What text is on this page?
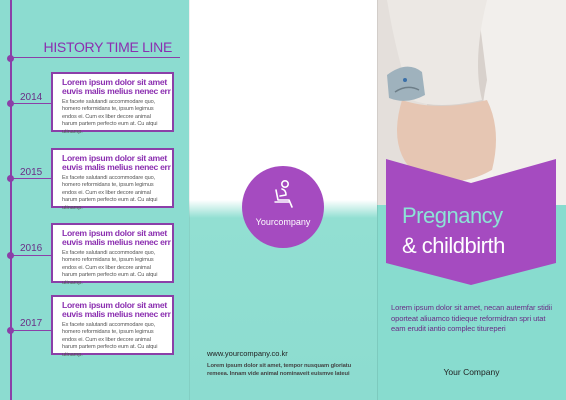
HISTORY TIME LINE
2014
Lorem ipsum dolor sit amet
euvis malis melius nenec err
Ex facete salutandi accommodare quo, homero reformidans te, ipsum legimus endos ei. Cum ex liber decore animal harum partem perfecto eum at. Cu atqui utinamp.
2015
Lorem ipsum dolor sit amet
euvis malis melius nenec err
Ex facete salutandi accommodare quo, homero reformidans te, ipsum legimus endos ei. Cum ex liber decore animal harum partem perfecto eum at. Cu atqui utinamp.
2016
Lorem ipsum dolor sit amet
euvis malis melius nenec err
Ex facete salutandi accommodare quo, homero reformidans te, ipsum legimus endos ei. Cum ex liber decore animal harum partem perfecto eum at. Cu atqui utinamp.
2017
Lorem ipsum dolor sit amet
euvis malis melius nenec err
Ex facete salutandi accommodare quo, homero reformidans te, ipsum legimus endos ei. Cum ex liber decore animal harum partem perfecto eum at. Cu atqui utinamp.
Yourcompany
www.yourcompany.co.kr
Lorem ipsum dolor sit amet, tempor nusquam gloriatu remeea. Innam vide animal nominaveit euismve lateui
Pregnancy
& childbirth
Lorem ipsum dolor sit amet, necan autemfar stidii oporteat aliuamco tidieque reformidran spri utat eam erudit iantio complec titureperi
Your Company
